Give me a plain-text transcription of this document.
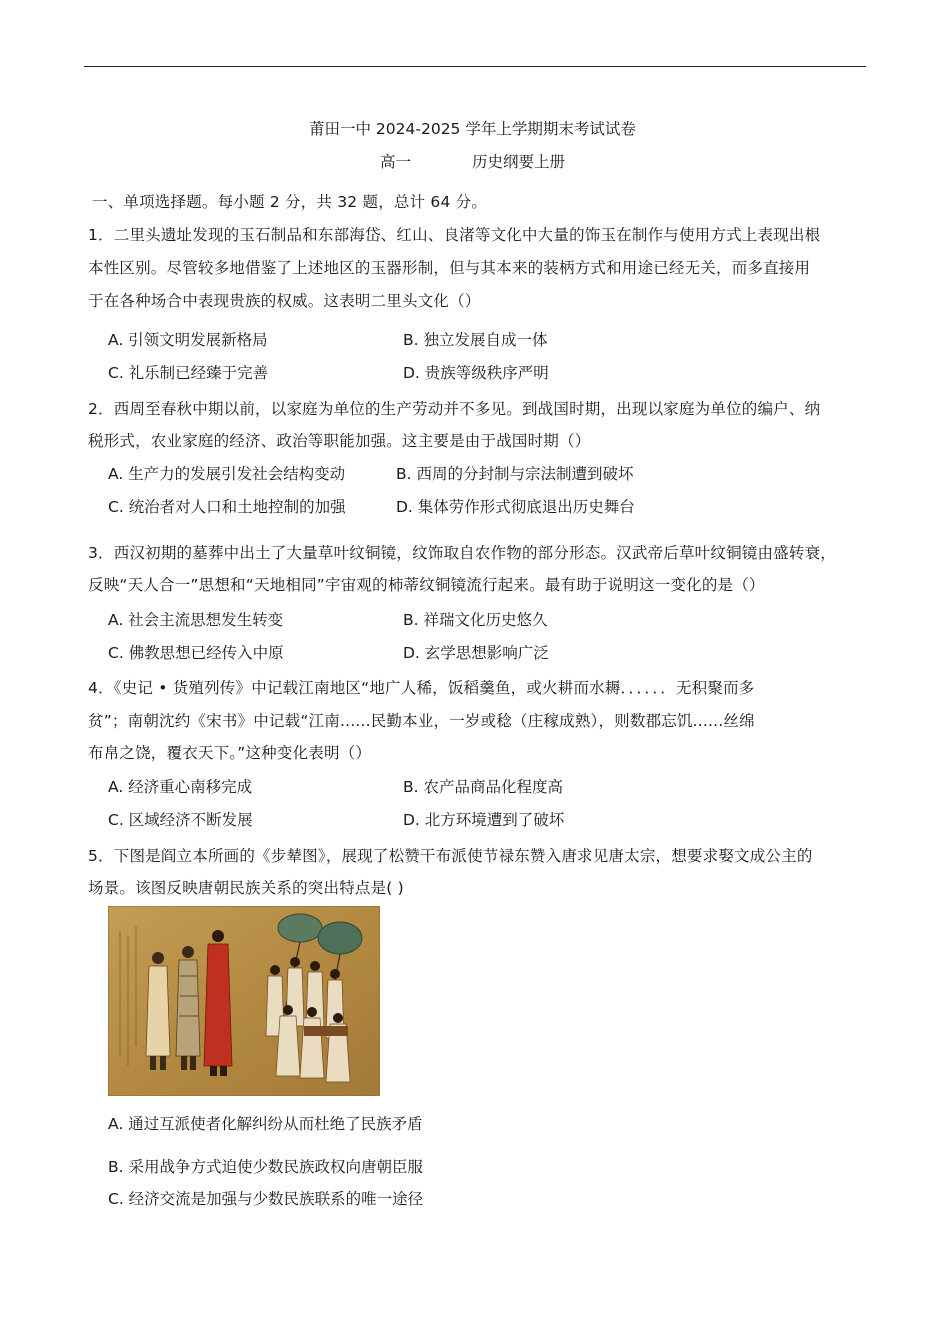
莆田一中 2024-2025 学年上学期期末考试试卷
高一	历史纲要上册
一、单项选择题。每小题 2 分，共 32 题，总计 64 分。
1．二里头遗址发现的玉石制品和东部海岱、红山、良渚等文化中大量的饰玉在制作与使用方式上表现出根
本性区别。尽管较多地借鉴了上述地区的玉器形制，但与其本来的装柄方式和用途已经无关，而多直接用
于在各种场合中表现贵族的权威。这表明二里头文化（）
A. 引领文明发展新格局	B. 独立发展自成一体
C. 礼乐制已经臻于完善	D. 贵族等级秩序严明
2．西周至春秋中期以前，以家庭为单位的生产劳动并不多见。到战国时期，出现以家庭为单位的编户、纳
税形式，农业家庭的经济、政治等职能加强。这主要是由于战国时期（）
A. 生产力的发展引发社会结构变动	B. 西周的分封制与宗法制遭到破坏
C. 统治者对人口和土地控制的加强	D. 集体劳作形式彻底退出历史舞台
3．西汉初期的墓葬中出土了大量草叶纹铜镜，纹饰取自农作物的部分形态。汉武帝后草叶纹铜镜由盛转衰，
反映“天人合一”思想和“天地相同”宇宙观的柿蒂纹铜镜流行起来。最有助于说明这一变化的是（）
A. 社会主流思想发生转变	B. 祥瑞文化历史悠久
C. 佛教思想已经传入中原	D. 玄学思想影响广泛
4．《史记 • 货殖列传》中记载江南地区“地广人稀，饭稻羹鱼，或火耕而水耨．．．．．．无积聚而多
贫”；南朝沈约《宋书》中记载“江南......民勤本业，一岁或稔（庄稼成熟），则数郡忘饥......丝绵
布帛之饶，覆衣天下。”这种变化表明（）
A. 经济重心南移完成	B. 农产品商品化程度高
C. 区域经济不断发展	D. 北方环境遭到了破坏
5．下图是阎立本所画的《步辇图》，展现了松赞干布派使节禄东赞入唐求见唐太宗，想要求娶文成公主的
场景。该图反映唐朝民族关系的突出特点是( )
A. 通过互派使者化解纠纷从而杜绝了民族矛盾
B. 采用战争方式迫使少数民族政权向唐朝臣服
C. 经济交流是加强与少数民族联系的唯一途径
